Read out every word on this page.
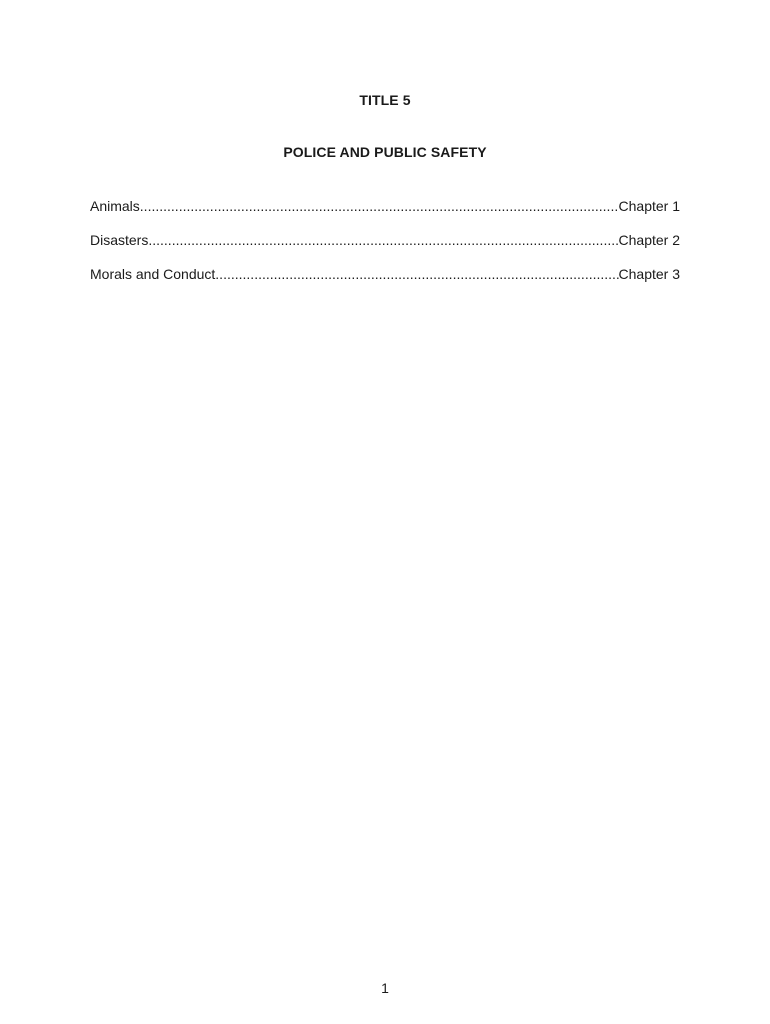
TITLE 5
POLICE AND PUBLIC SAFETY
Animals .....	Chapter 1
Disasters .....	Chapter 2
Morals and Conduct .....	Chapter 3
1
